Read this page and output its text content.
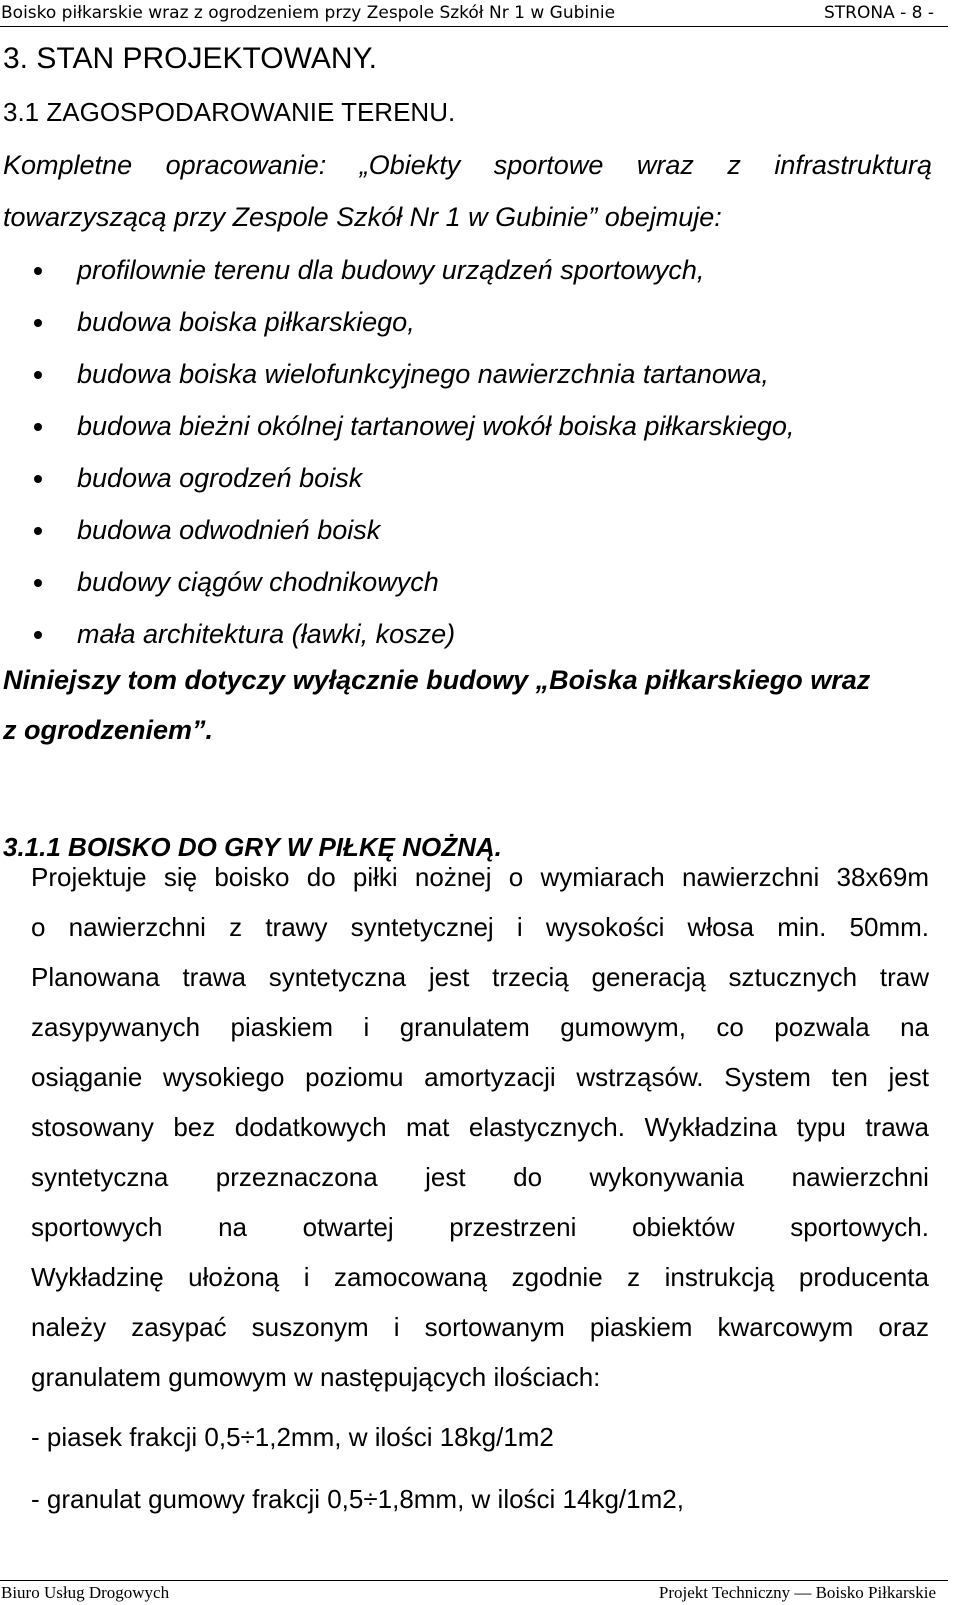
Boisko piłkarskie wraz z ogrodzeniem przy Zespole Szkół Nr 1 w Gubinie	STRONA - 8 -
3. STAN PROJEKTOWANY.
3.1 ZAGOSPODAROWANIE TERENU.
Kompletne opracowanie: „Obiekty sportowe wraz z infrastrukturą
towarzyszącą przy Zespole Szkół Nr 1 w Gubinie” obejmuje:
profilownie terenu dla budowy urządzeń sportowych,
budowa boiska piłkarskiego,
budowa boiska wielofunkcyjnego nawierzchnia tartanowa,
budowa bieżni okólnej tartanowej wokół boiska piłkarskiego,
budowa ogrodzeń boisk
budowa odwodnień boisk
budowy ciągów chodnikowych
mała architektura (ławki, kosze)
Niniejszy tom dotyczy wyłącznie budowy „Boiska piłkarskiego wraz
z ogrodzeniem”.
3.1.1 BOISKO DO GRY W PIŁKĘ NOŻNĄ.
Projektuje się boisko do piłki nożnej o wymiarach nawierzchni 38x69m
o nawierzchni z trawy syntetycznej i wysokości włosa min. 50mm.
Planowana trawa syntetyczna jest trzecią generacją sztucznych traw
zasypywanych piaskiem i granulatem gumowym, co pozwala na
osiąganie wysokiego poziomu amortyzacji wstrząsów. System ten jest
stosowany bez dodatkowych mat elastycznych. Wykładzina typu trawa
syntetyczna przeznaczona jest do wykonywania nawierzchni
sportowych na otwartej przestrzeni obiektów sportowych.
Wykładzinę ułożoną i zamocowaną zgodnie z instrukcją producenta
należy zasypać suszonym i sortowanym piaskiem kwarcowym oraz
granulatem gumowym w następujących ilościach:
- piasek frakcji 0,5÷1,2mm, w ilości 18kg/1m2
- granulat gumowy frakcji 0,5÷1,8mm, w ilości 14kg/1m2,
Biuro Usług Drogowych	Projekt Techniczny — Boisko Piłkarskie
